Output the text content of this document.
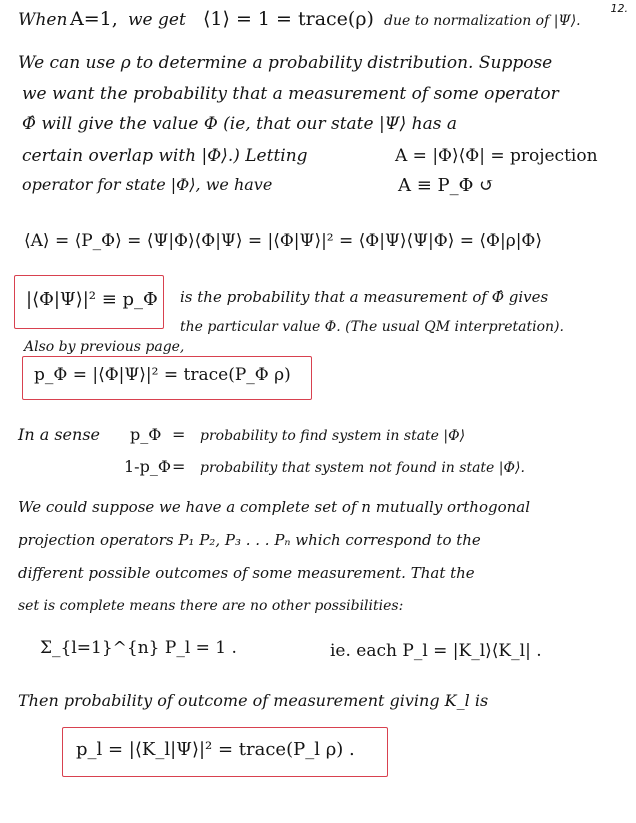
12.
When A=1, we get ⟨1⟩ = 1 = trace(ρ) due to normalization of |Ψ⟩.
We can use ρ to determine a probability distribution. Suppose
we want the probability that a measurement of some operator
Φ̂ will give the value Φ (ie, that our state |Ψ⟩ has a
certain overlap with |Φ⟩.) Letting
operator for state |Φ⟩, we have
A = |Φ⟩⟨Φ| = projection
A ≡ P_Φ ↺
⟨A⟩ = ⟨P_Φ⟩ = ⟨Ψ|Φ⟩⟨Φ|Ψ⟩ = |⟨Φ|Ψ⟩|² = ⟨Φ|Ψ⟩⟨Ψ|Φ⟩ = ⟨Φ|ρ|Φ⟩
|⟨Φ|Ψ⟩|² ≡ p_Φ is the probability that a measurement of Φ̂ gives
the particular value Φ. (The usual QM interpretation).
Also by previous page,
p_Φ = |⟨Φ|Ψ⟩|² = trace(P_Φ ρ)
In a sense p_Φ = probability to find system in state |Φ⟩
1-p_Φ = probability that system not found in state |Φ⟩.
We could suppose we have a complete set of n mutually orthogonal
projection operators P₁ P₂, P₃ . . . Pₙ which correspond to the
different possible outcomes of some measurement. That the
set is complete means there are no other possibilities:
Σ_{l=1}^{n} P_l = 1 .	ie. each P_l = |K_l⟩⟨K_l| .
Then probability of outcome of measurement giving K_l is
p_l = |⟨K_l|Ψ⟩|² = trace(P_l ρ) .
